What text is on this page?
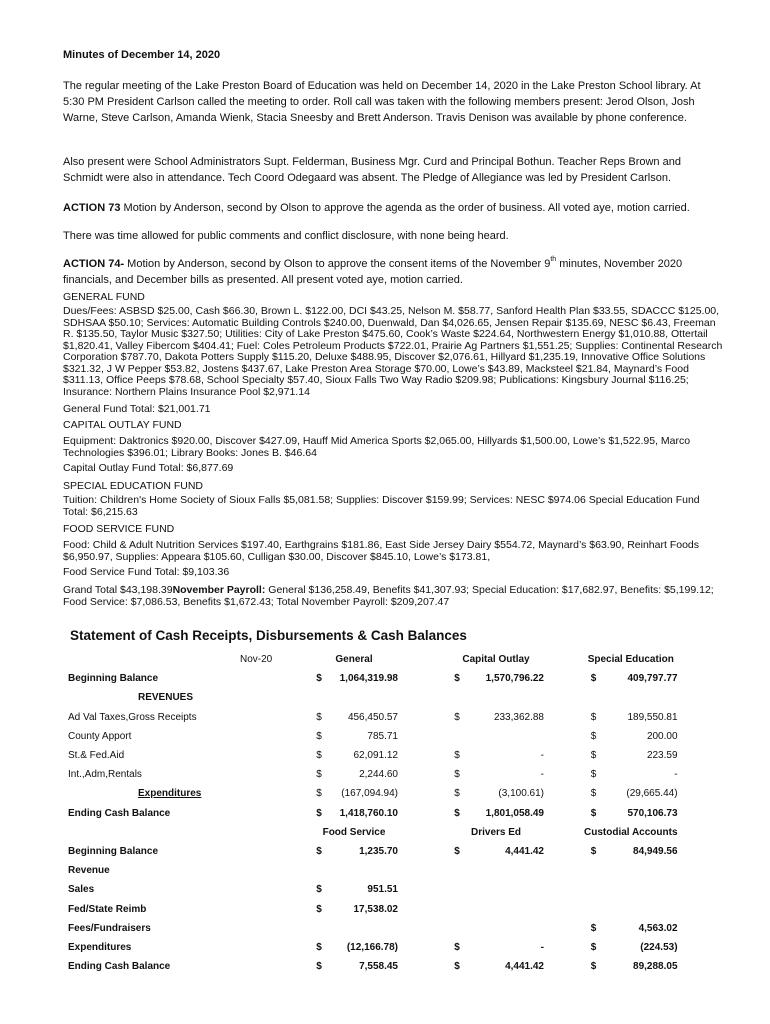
Minutes of December 14, 2020

The regular meeting of the Lake Preston Board of Education was held on December 14, 2020 in the Lake Preston School library. At 5:30 PM President Carlson called the meeting to order. Roll call was taken with the following members present: Jerod Olson, Josh Warne, Steve Carlson, Amanda Wienk, Stacia Sneesby and Brett Anderson. Travis Denison was available by phone conference.

Also present were School Administrators Supt. Felderman, Business Mgr. Curd and Principal Bothun. Teacher Reps Brown and Schmidt were also in attendance. Tech Coord Odegaard was absent. The Pledge of Allegiance was led by President Carlson.

ACTION 73 Motion by Anderson, second by Olson to approve the agenda as the order of business. All voted aye, motion carried.

There was time allowed for public comments and conflict disclosure, with none being heard.

ACTION 74- Motion by Anderson, second by Olson to approve the consent items of the November 9th minutes, November 2020 financials, and December bills as presented. All present voted aye, motion carried.

GENERAL FUND

Dues/Fees: ASBSD $25.00, Cash $66.30, Brown L. $122.00, DCI $43.25, Nelson M. $58.77, Sanford Health Plan $33.55, SDACCC $125.00, SDHSAA $50.10; Services: Automatic Building Controls $240.00, Duenwald, Dan $4,026.65, Jensen Repair $135.69, NESC $6.43, Freeman R. $135.50, Taylor Music $327.50; Utilities: City of Lake Preston $475.60, Cook’s Waste $224.64, Northwestern Energy $1,010.88, Ottertail $1,820.41, Valley Fibercom $404.41; Fuel: Coles Petroleum Products $722.01, Prairie Ag Partners $1,551.25; Supplies: Continental Research Corporation $787.70, Dakota Potters Supply $115.20, Deluxe $488.95, Discover $2,076.61, Hillyard $1,235.19, Innovative Office Solutions $321.32, J W Pepper $53.82, Jostens $437.67, Lake Preston Area Storage $70.00, Lowe’s $43.89, Macksteel $21.84, Maynard’s Food $311.13, Office Peeps $78.68, School Specialty $57.40, Sioux Falls Two Way Radio $209.98; Publications: Kingsbury Journal $116.25; Insurance: Northern Plains Insurance Pool $2,971.14

General Fund Total: $21,001.71

CAPITAL OUTLAY FUND

Equipment: Daktronics $920.00, Discover $427.09, Hauff Mid America Sports $2,065.00, Hillyards $1,500.00, Lowe’s $1,522.95, Marco Technologies $396.01; Library Books: Jones B. $46.64

Capital Outlay Fund Total: $6,877.69

SPECIAL EDUCATION FUND

Tuition: Children's Home Society of Sioux Falls $5,081.58; Supplies: Discover $159.99; Services: NESC $974.06 Special Education Fund Total: $6,215.63

FOOD SERVICE FUND

Food: Child & Adult Nutrition Services $197.40, Earthgrains $181.86, East Side Jersey Dairy $554.72, Maynard’s $63.90, Reinhart Foods $6,950.97, Supplies: Appeara $105.60, Culligan $30.00, Discover $845.10, Lowe’s $173.81,

Food Service Fund Total: $9,103.36

Grand Total $43,198.39November Payroll: General $136,258.49, Benefits $41,307.93; Special Education: $17,682.97, Benefits: $5,199.12; Food Service: $7,086.53, Benefits $1,672.43; Total November Payroll: $209,207.47

Statement of Cash Receipts, Disbursements & Cash Balances
	Nov-20	General			Capital Outlay			Special Education	
Beginning Balance		$	1,064,319.98		$	1,570,796.22		$	409,797.77
REVENUES									
Ad Val Taxes,Gross Receipts		$	456,450.57		$	233,362.88		$	189,550.81
County Apport		$	785.71					$	200.00
St.& Fed.Aid		$	62,091.12		$	-		$	223.59
Int.,Adm,Rentals		$	2,244.60		$	-		$	-
Expenditures		$	(167,094.94)		$	(3,100.61)		$	(29,665.44)
Ending Cash Balance		$	1,418,760.10		$	1,801,058.49		$	570,106.73
		Food Service			Drivers Ed			Custodial Accounts	
Beginning Balance		$	1,235.70		$	4,441.42		$	84,949.56
Revenue									
Sales		$	951.51						
Fed/State Reimb		$	17,538.02						
Fees/Fundraisers								$	4,563.02
Expenditures		$	(12,166.78)		$	-		$	(224.53)
Ending Cash Balance		$	7,558.45		$	4,441.42		$	89,288.05
